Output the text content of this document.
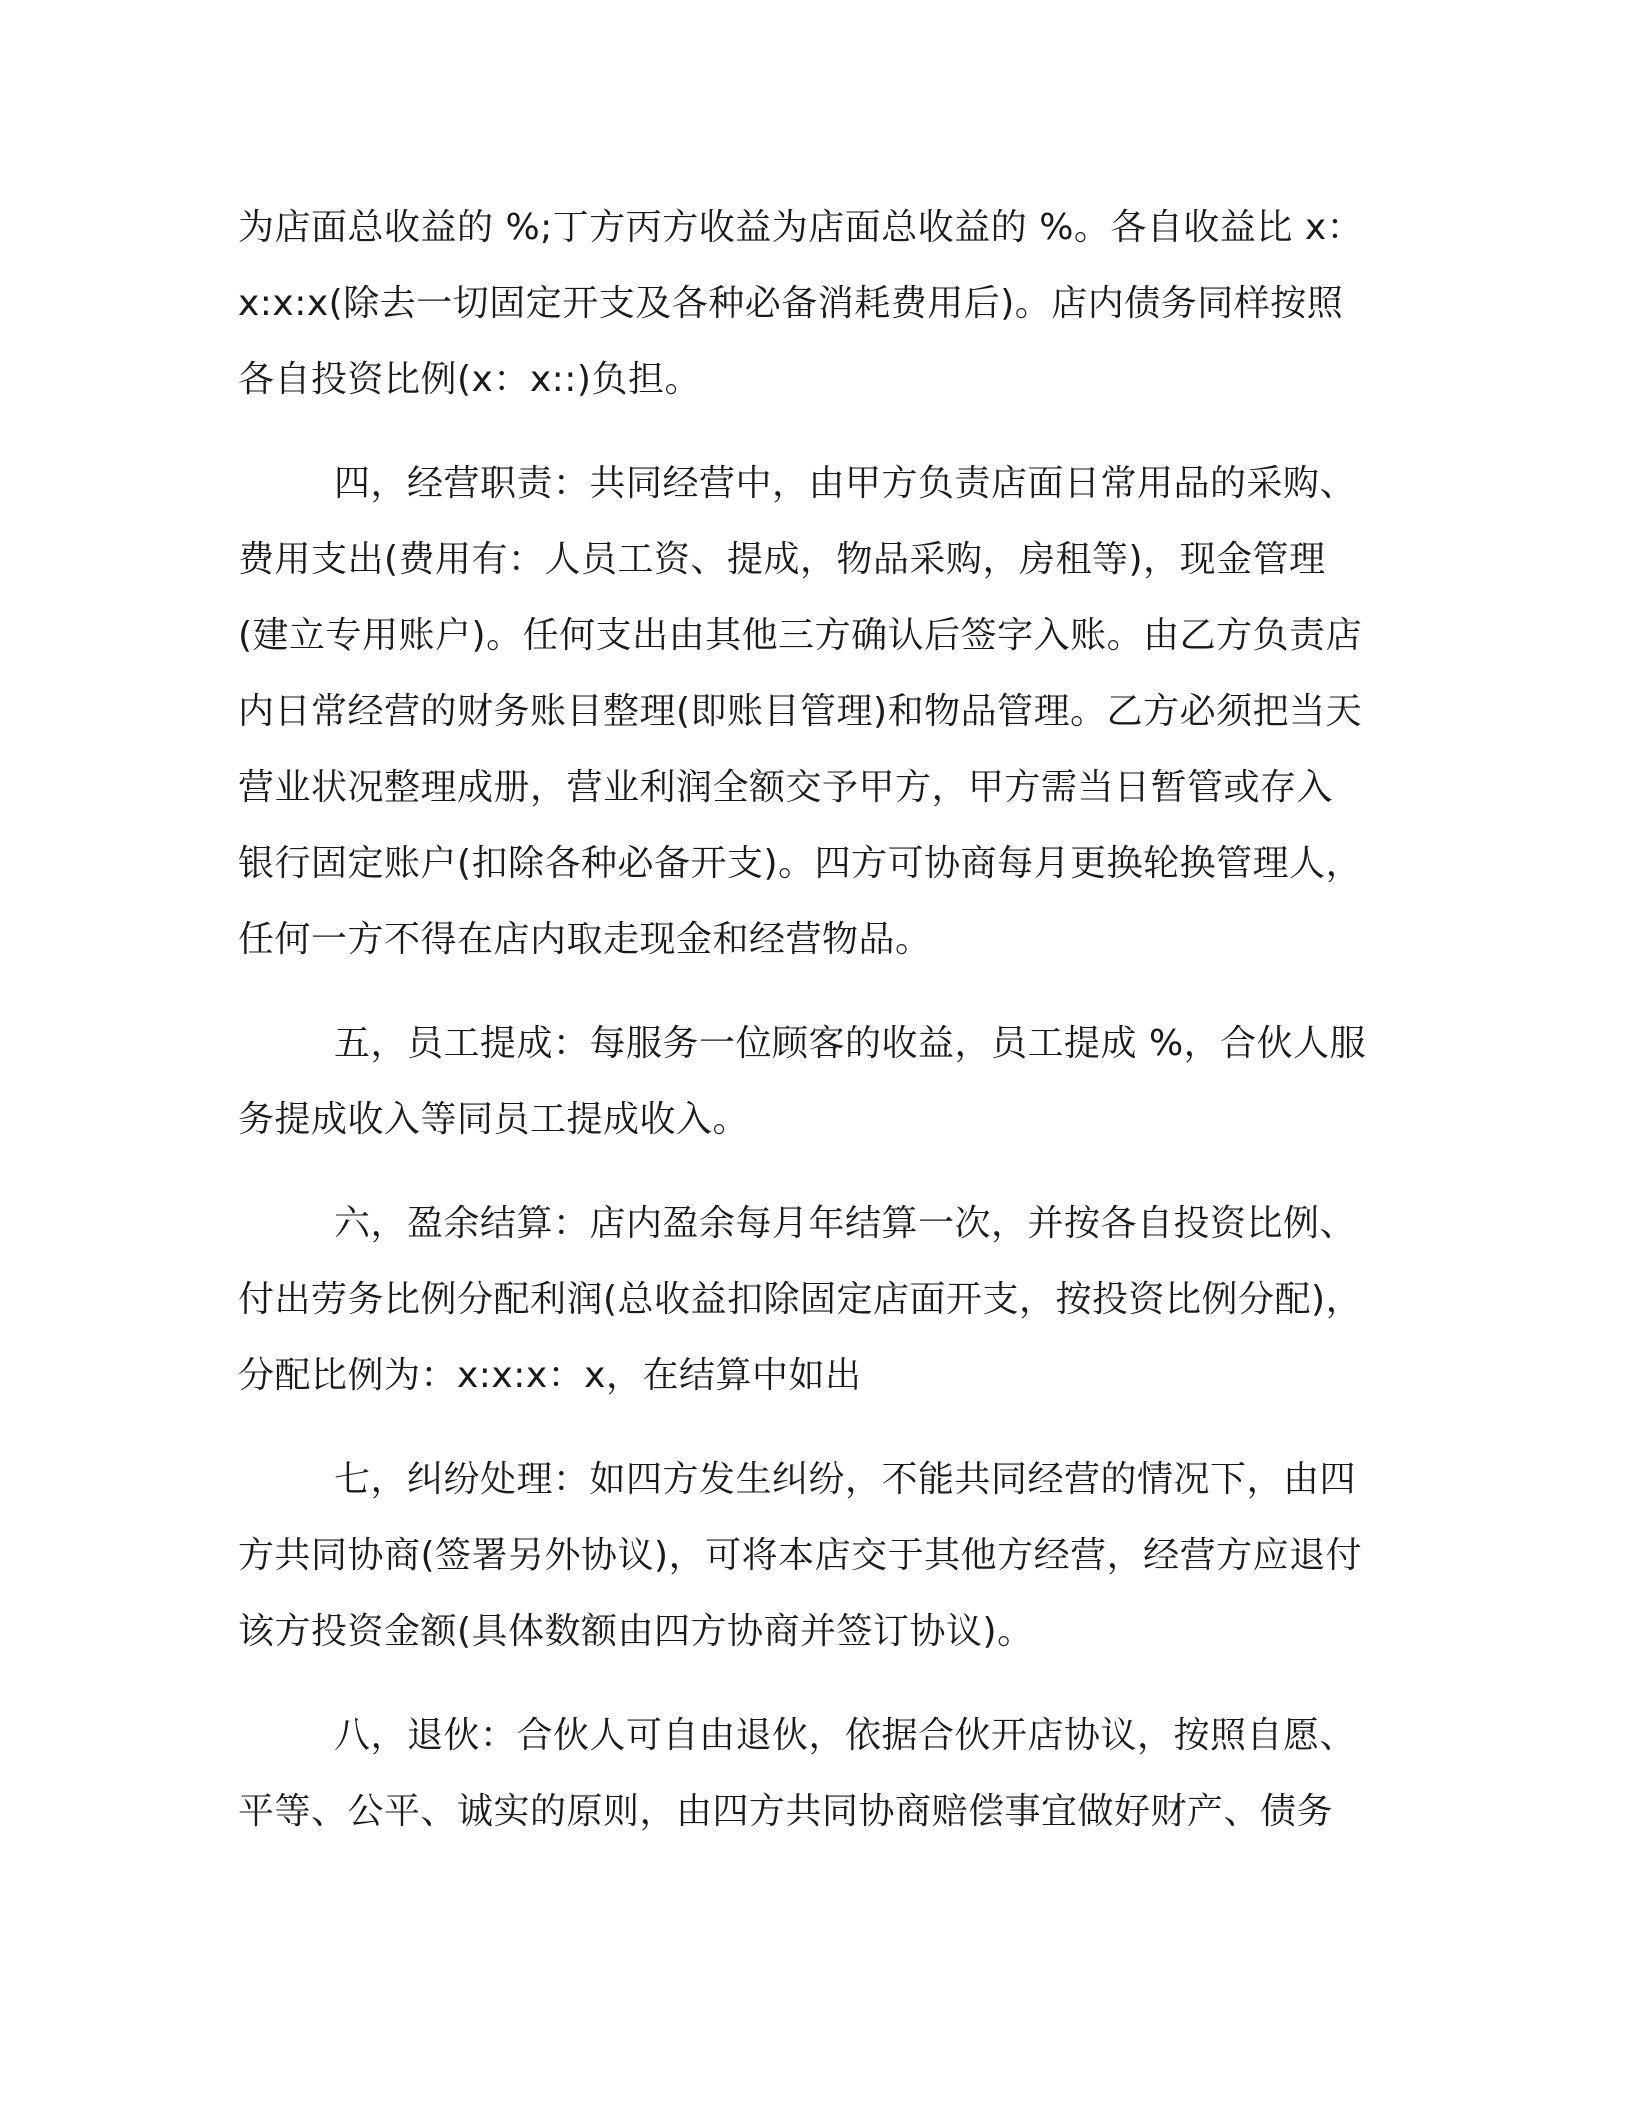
为店面总收益的 %;丁方丙方收益为店面总收益的 %。各自收益比 x：
x:x:x(除去一切固定开支及各种必备消耗费用后)。店内债务同样按照
各自投资比例(x：x::)负担。

四，经营职责：共同经营中，由甲方负责店面日常用品的采购、
费用支出(费用有：人员工资、提成，物品采购，房租等)，现金管理
(建立专用账户)。任何支出由其他三方确认后签字入账。由乙方负责店
内日常经营的财务账目整理(即账目管理)和物品管理。乙方必须把当天
营业状况整理成册，营业利润全额交予甲方，甲方需当日暂管或存入
银行固定账户(扣除各种必备开支)。四方可协商每月更换轮换管理人，
任何一方不得在店内取走现金和经营物品。

五，员工提成：每服务一位顾客的收益，员工提成 %，合伙人服
务提成收入等同员工提成收入。

六，盈余结算：店内盈余每月年结算一次，并按各自投资比例、
付出劳务比例分配利润(总收益扣除固定店面开支，按投资比例分配)，
分配比例为：x:x:x：x，在结算中如出

七，纠纷处理：如四方发生纠纷，不能共同经营的情况下，由四
方共同协商(签署另外协议)，可将本店交于其他方经营，经营方应退付
该方投资金额(具体数额由四方协商并签订协议)。

八，退伙：合伙人可自由退伙，依据合伙开店协议，按照自愿、
平等、公平、诚实的原则，由四方共同协商赔偿事宜做好财产、债务
